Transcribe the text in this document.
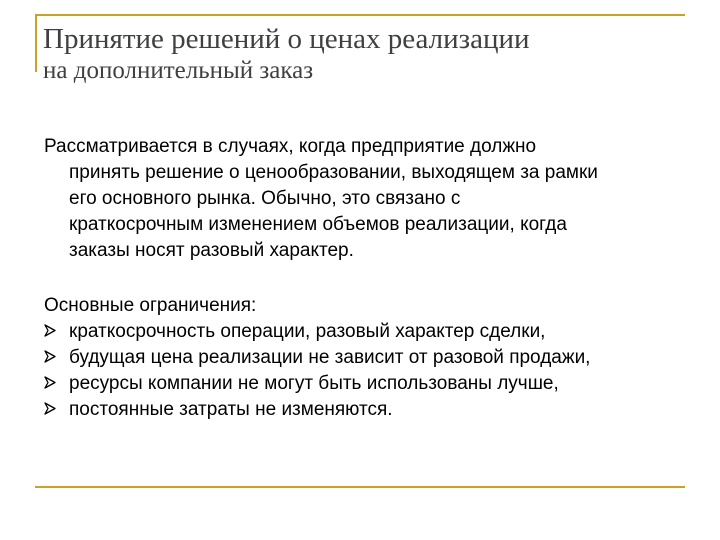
Принятие решений о ценах реализации
на дополнительный заказ

Рассматривается в случаях, когда предприятие должно
принять решение о ценообразовании, выходящем за рамки
его основного рынка. Обычно, это связано с
краткосрочным изменением объемов реализации, когда
заказы носят разовый характер.

Основные ограничения:
краткосрочность операции, разовый характер сделки,
будущая цена реализации не зависит от разовой продажи,
ресурсы компании не могут быть использованы лучше,
постоянные затраты не изменяются.
